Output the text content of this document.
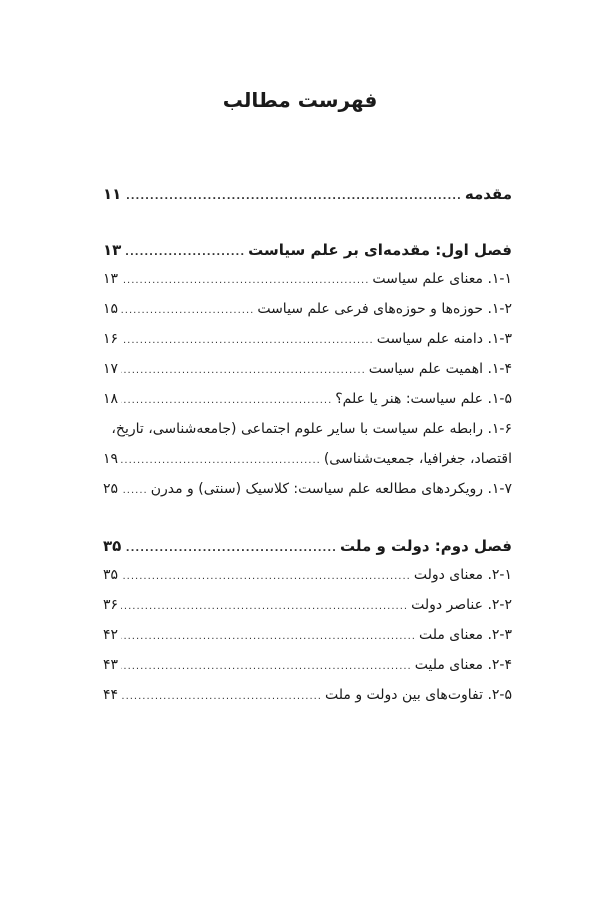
فهرست مطالب
مقدمه
.....
۱۱
فصل اول: مقدمه‌ای بر علم سیاست
.....
۱۳
۱-۱. معنای علم سیاست
.....
۱۳
۱-۲. حوزه‌ها و حوزه‌های فرعی علم سیاست
.....
۱۵
۱-۳. دامنه علم سیاست
.....
۱۶
۱-۴. اهمیت علم سیاست
.....
۱۷
۱-۵. علم سیاست: هنر یا علم؟
.....
۱۸
۱-۶. رابطه علم سیاست با سایر علوم اجتماعی (جامعه‌شناسی، تاریخ،
اقتصاد، جغرافیا، جمعیت‌شناسی)
.....
۱۹
۱-۷. رویکردهای مطالعه علم سیاست: کلاسیک (سنتی) و مدرن
.....
۲۵
فصل دوم: دولت و ملت
.....
۳۵
۲-۱. معنای دولت
.....
۳۵
۲-۲. عناصر دولت
.....
۳۶
۲-۳. معنای ملت
.....
۴۲
۲-۴. معنای ملیت
.....
۴۳
۲-۵. تفاوت‌های بین دولت و ملت
.....
۴۴
